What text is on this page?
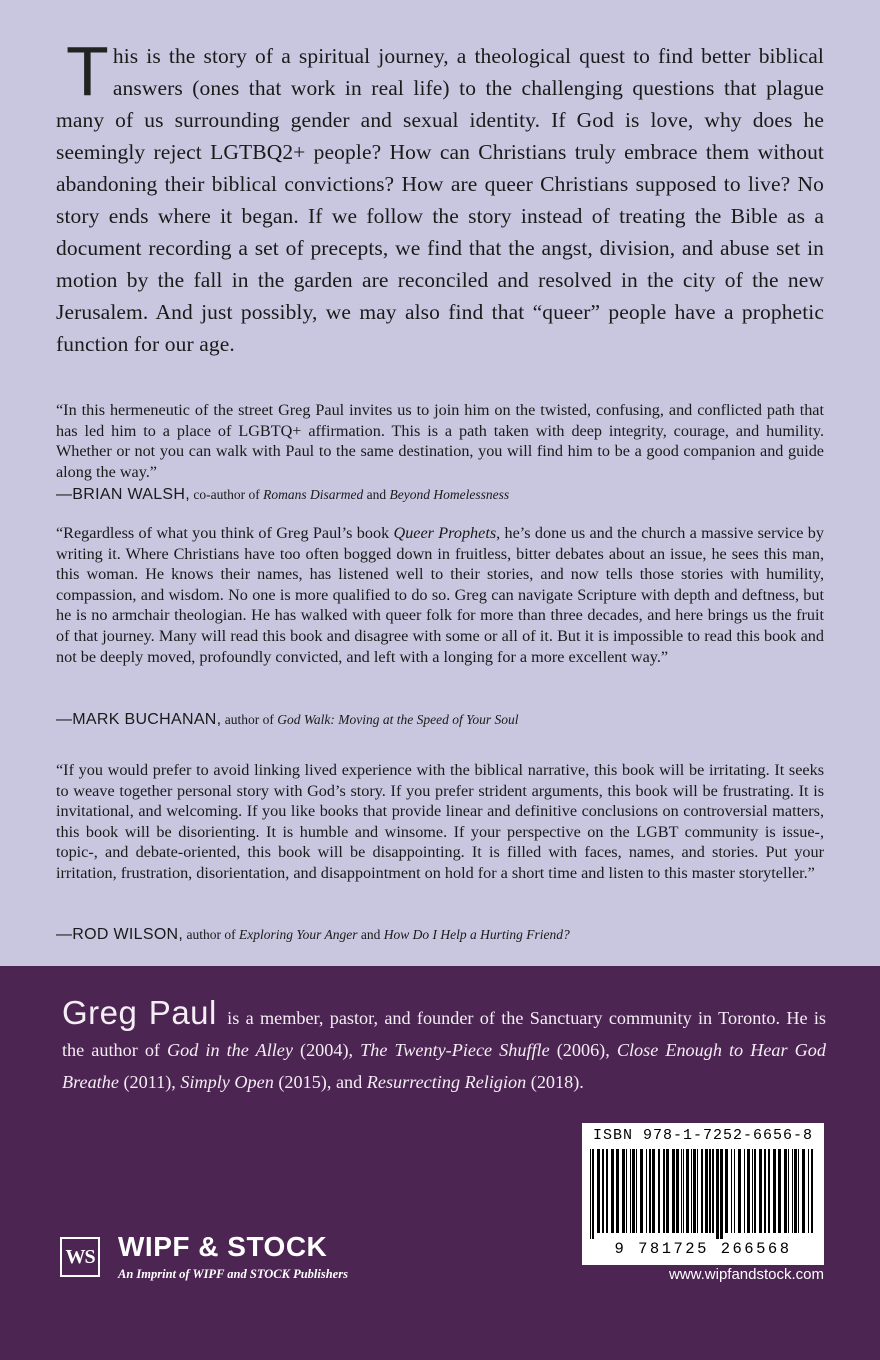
This is the story of a spiritual journey, a theological quest to find better biblical answers (ones that work in real life) to the challenging questions that plague many of us surrounding gender and sexual identity. If God is love, why does he seemingly reject LGTBQ2+ people? How can Christians truly embrace them without abandoning their biblical convictions? How are queer Christians supposed to live? No story ends where it began. If we follow the story instead of treating the Bible as a document recording a set of precepts, we find that the angst, division, and abuse set in motion by the fall in the garden are reconciled and resolved in the city of the new Jerusalem. And just possibly, we may also find that “queer” people have a prophetic function for our age.

“In this hermeneutic of the street Greg Paul invites us to join him on the twisted, confusing, and conflicted path that has led him to a place of LGBTQ+ affirmation. This is a path taken with deep integrity, courage, and humility. Whether or not you can walk with Paul to the same destination, you will find him to be a good companion and guide along the way.”

—BRIAN WALSH, co-author of Romans Disarmed and Beyond Homelessness

“Regardless of what you think of Greg Paul’s book Queer Prophets, he’s done us and the church a massive service by writing it. Where Christians have too often bogged down in fruitless, bitter debates about an issue, he sees this man, this woman. He knows their names, has listened well to their stories, and now tells those stories with humility, compassion, and wisdom. No one is more qualified to do so. Greg can navigate Scripture with depth and deftness, but he is no armchair theologian. He has walked with queer folk for more than three decades, and here brings us the fruit of that journey. Many will read this book and disagree with some or all of it. But it is impossible to read this book and not be deeply moved, profoundly convicted, and left with a longing for a more excellent way.”

—MARK BUCHANAN, author of God Walk: Moving at the Speed of Your Soul

“If you would prefer to avoid linking lived experience with the biblical narrative, this book will be irritating. It seeks to weave together personal story with God’s story. If you prefer strident arguments, this book will be frustrating. It is invitational, and welcoming. If you like books that provide linear and definitive conclusions on controversial matters, this book will be disorienting. It is humble and winsome. If your perspective on the LGBT community is issue-, topic-, and debate-oriented, this book will be disappointing. It is filled with faces, names, and stories. Put your irritation, frustration, disorientation, and disappointment on hold for a short time and listen to this master storyteller.”

—ROD WILSON, author of Exploring Your Anger and How Do I Help a Hurting Friend?

Greg Paul is a member, pastor, and founder of the Sanctuary community in Toronto. He is the author of God in the Alley (2004), The Twenty-Piece Shuffle (2006), Close Enough to Hear God Breathe (2011), Simply Open (2015), and Resurrecting Religion (2018).

WS WIPF & STOCK
An Imprint of WIPF and STOCK Publishers
ISBN 978-1-7252-6656-8
9 781725 266568
www.wipfandstock.com
